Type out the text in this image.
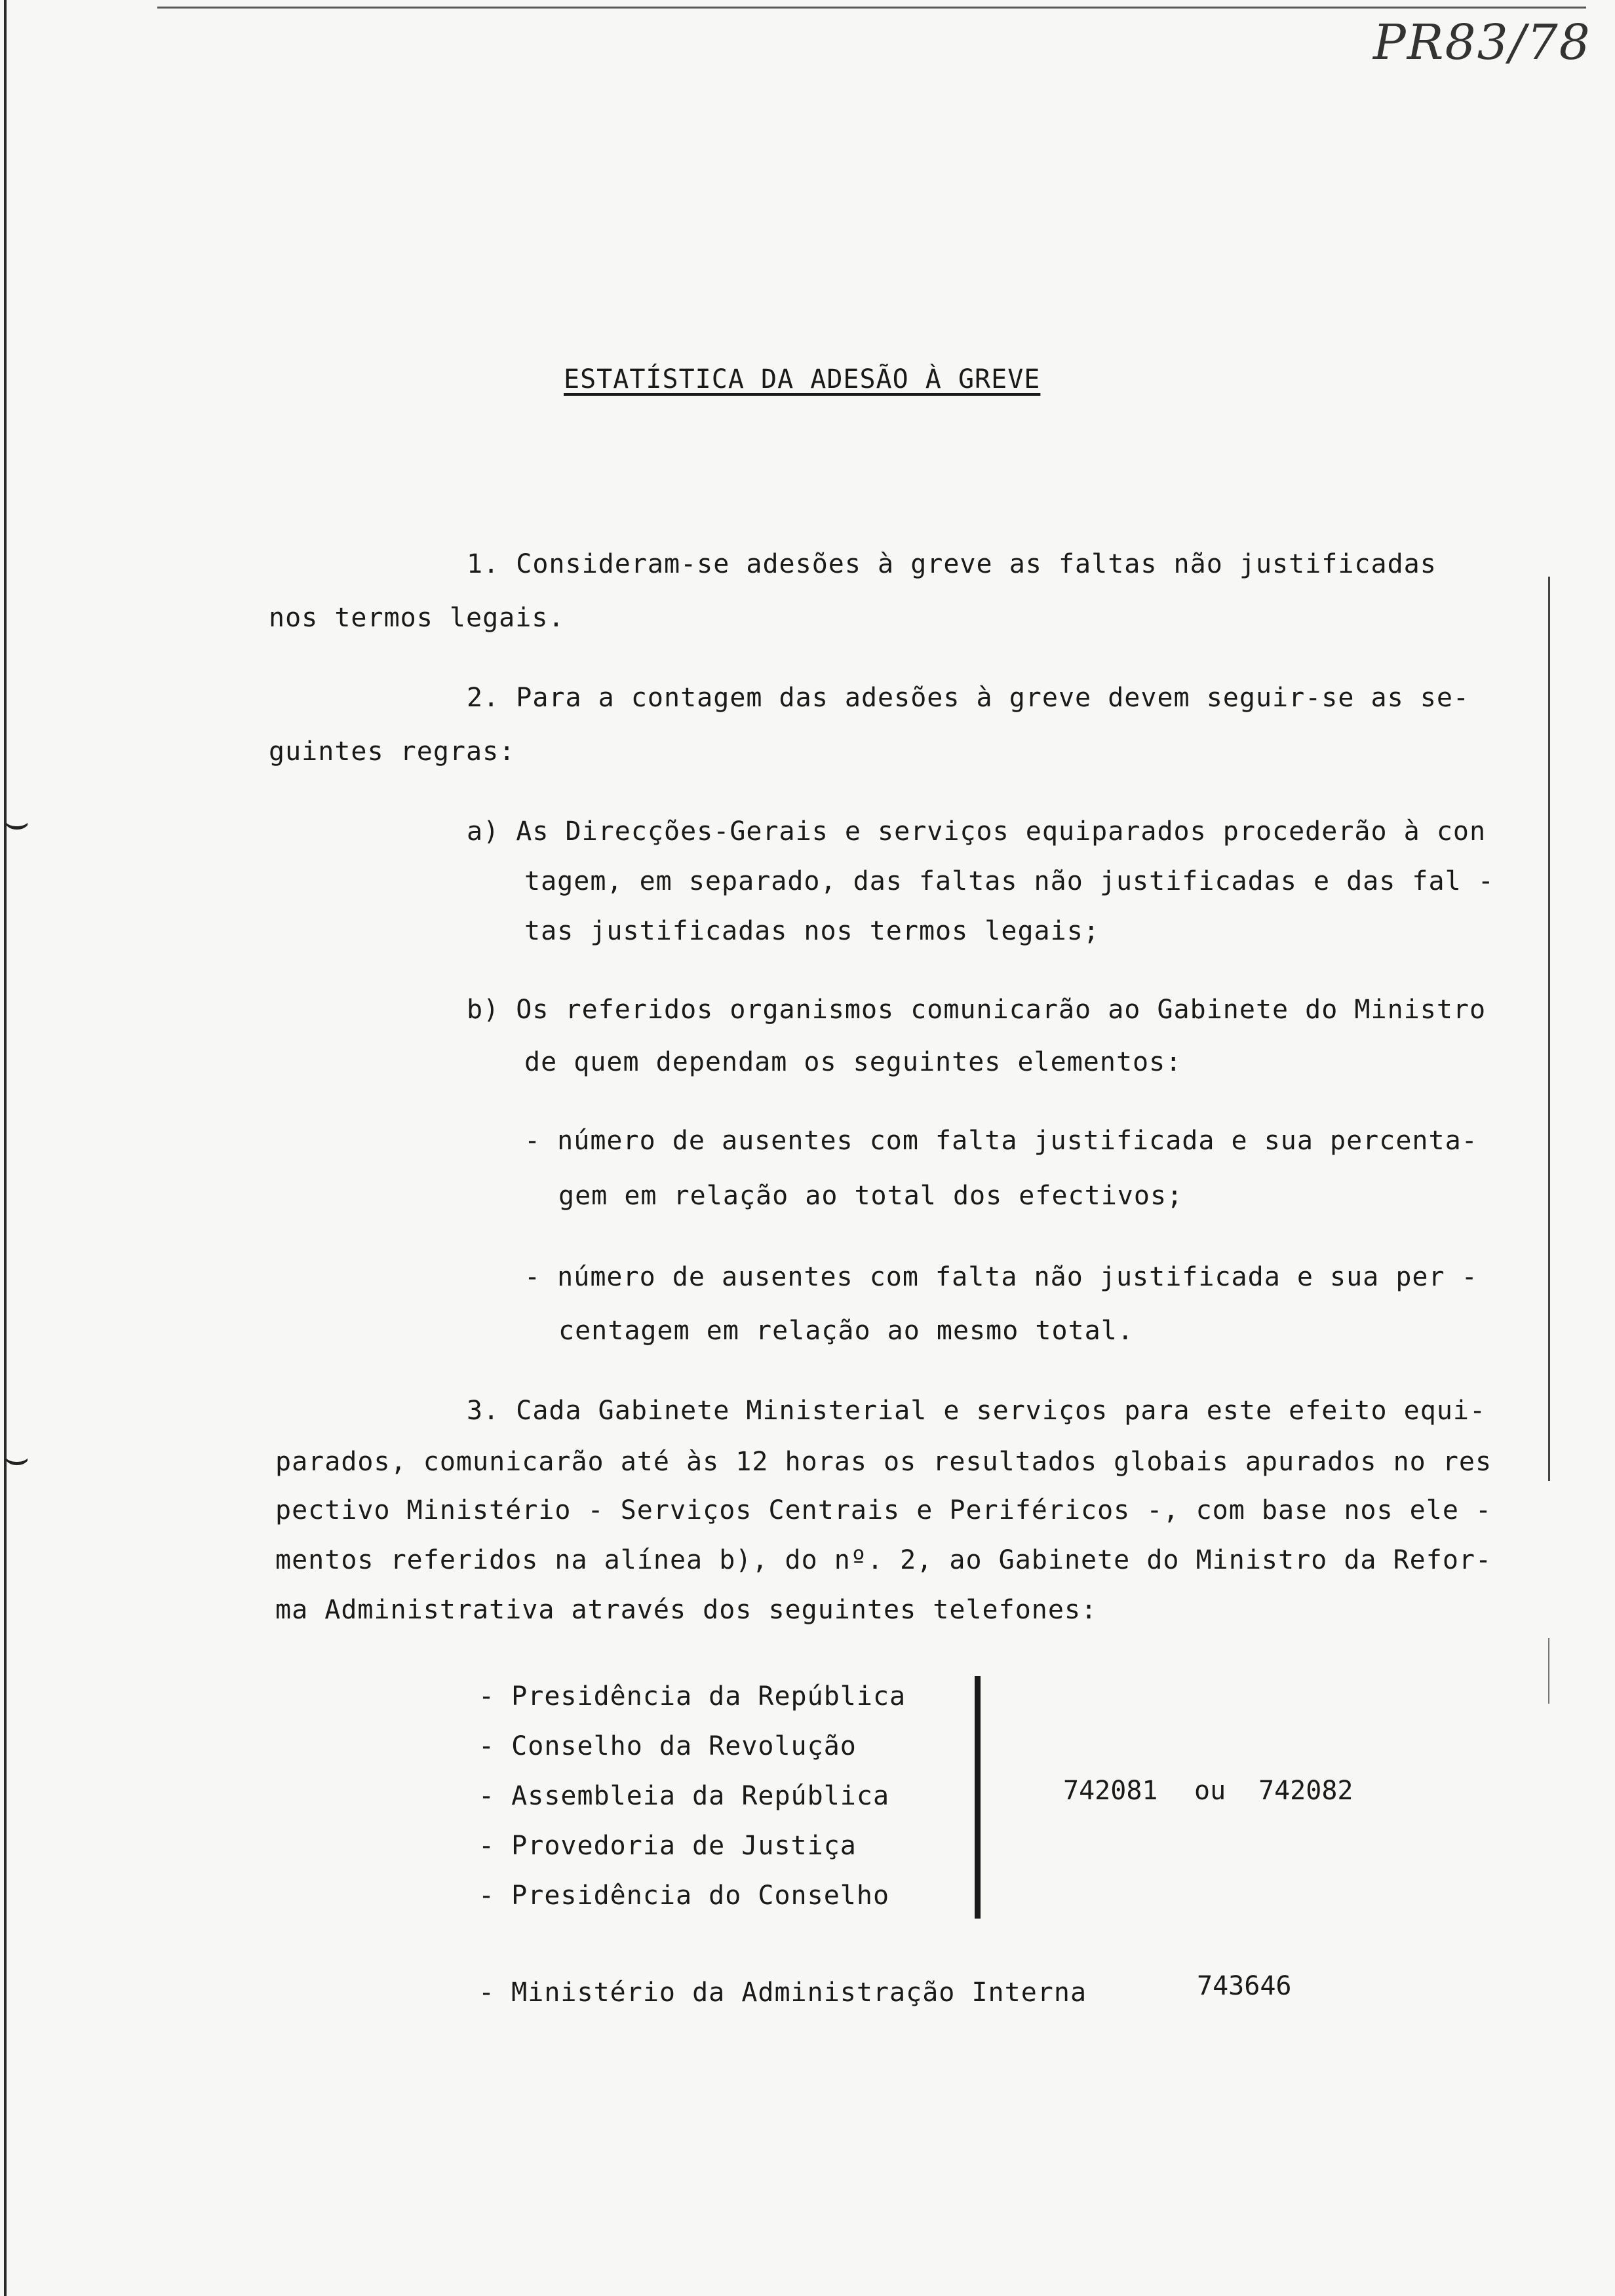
⌣
⌣
PR83/78
ESTATÍSTICA DA ADESÃO À GREVE
1. Consideram-se adesões à greve as faltas não justificadas
nos termos legais.
2. Para a contagem das adesões à greve devem seguir-se as se-
guintes regras:
a) As Direcções-Gerais e serviços equiparados procederão à con
tagem, em separado, das faltas não justificadas e das fal -
tas justificadas nos termos legais;
b) Os referidos organismos comunicarão ao Gabinete do Ministro
de quem dependam os seguintes elementos:
- número de ausentes com falta justificada e sua percenta-
gem em relação ao total dos efectivos;
- número de ausentes com falta não justificada e sua per -
centagem em relação ao mesmo total.
3. Cada Gabinete Ministerial e serviços para este efeito equi-
parados, comunicarão até às 12 horas os resultados globais apurados no res
pectivo Ministério - Serviços Centrais e Periféricos -, com base nos ele -
mentos referidos na alínea b), do nº. 2, ao Gabinete do Ministro da Refor-
ma Administrativa através dos seguintes telefones:
- Presidência da República
- Conselho da Revolução
- Assembleia da República
- Provedoria de Justiça
- Presidência do Conselho
742081 ou 742082
- Ministério da Administração Interna	743646
